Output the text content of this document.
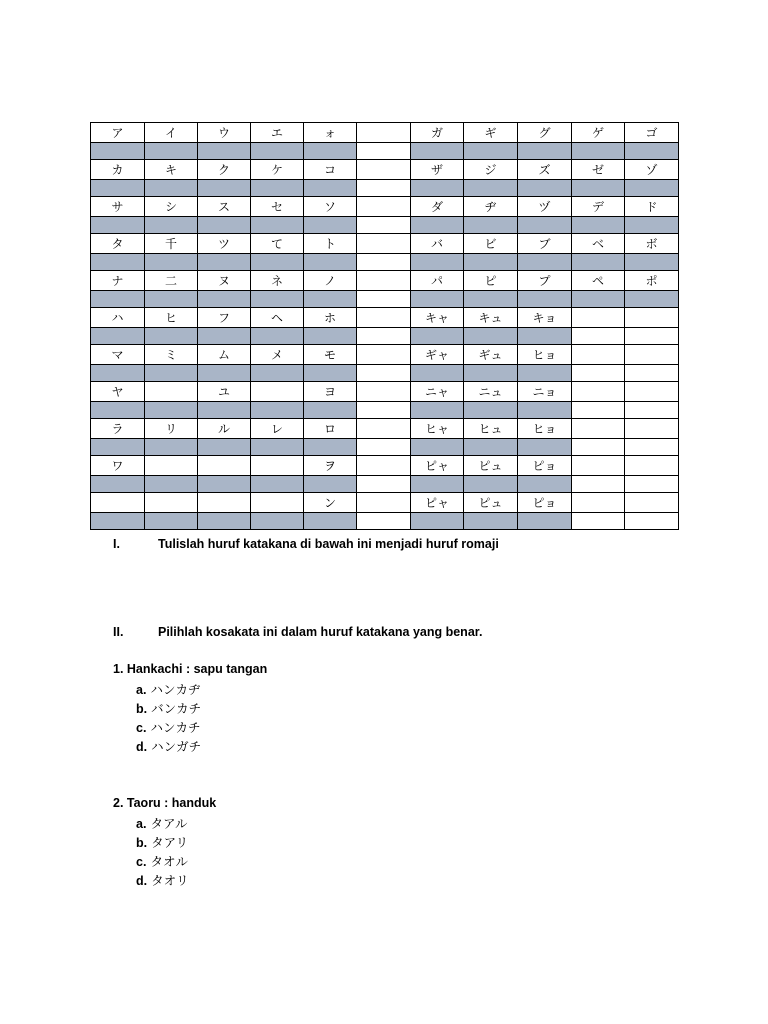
ア	イ	ウ	エ	ォ		ガ	ギ	グ	ゲ	ゴ

カ	キ	ク	ケ	コ		ザ	ジ	ズ	ゼ	ゾ

サ	シ	ス	セ	ソ		ダ	ヂ	ヅ	デ	ド

タ	千	ツ	て	ト		バ	ビ	ブ	ベ	ボ

ナ	二	ヌ	ネ	ノ		パ	ピ	プ	ペ	ポ

ハ	ヒ	フ	ヘ	ホ		キャ	キュ	キョ		

マ	ミ	ム	メ	モ		ギャ	ギュ	ヒョ		

ヤ		ユ		ヨ		ニャ	ニュ	ニョ		

ラ	リ	ル	レ	ロ		ヒャ	ヒュ	ヒョ		

ワ				ヲ		ピャ	ピュ	ピョ		

				ン		ピャ	ピュ	ピョ		

I.	Tulislah huruf katakana di bawah ini menjadi huruf romaji
II.	Pilihlah kosakata ini dalam huruf katakana yang benar.
1. Hankachi : sapu tangan
a. ハンカヂ
b. バンカチ
c. ハンカチ
d. ハンガチ
2. Taoru : handuk
a. タアル
b. タアリ
c. タオル
d. タオリ
